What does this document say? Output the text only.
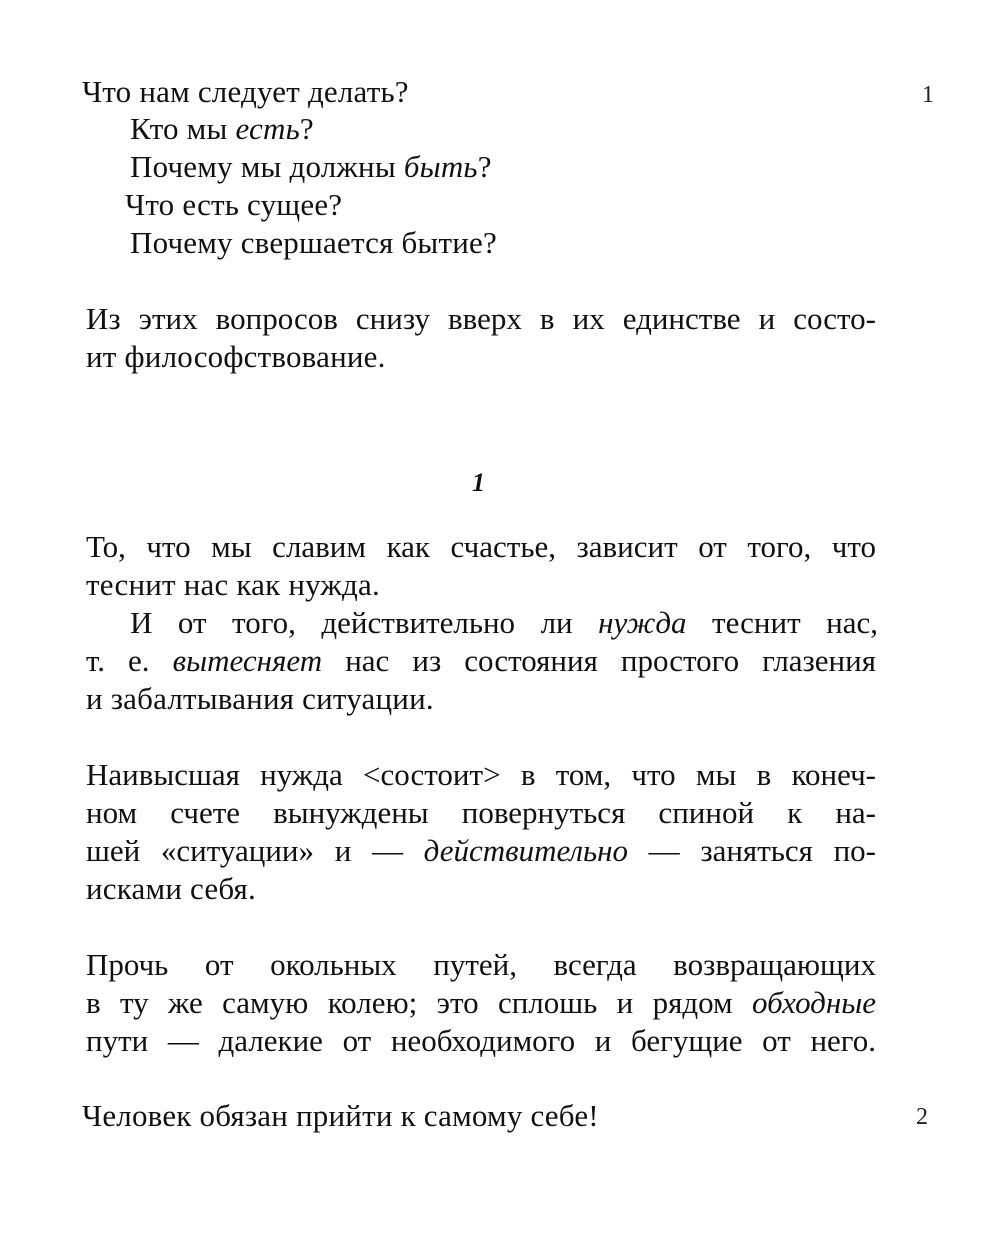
Что нам следует делать?	1
Кто мы есть?
Почему мы должны быть?
Что есть сущее?
Почему свершается бытие?
Из этих вопросов снизу вверх в их единстве и состо-
ит философствование.
1
То, что мы славим как счастье, зависит от того, что
теснит нас как нужда.
И от того, действительно ли нужда теснит нас,
т. е. вытесняет нас из состояния простого глазения
и забалтывания ситуации.
Наивысшая нужда <состоит> в том, что мы в конеч-
ном счете вынуждены повернуться спиной к на-
шей «ситуации» и — действительно — заняться по-
исками себя.
Прочь от окольных путей, всегда возвращающих
в ту же самую колею; это сплошь и рядом обходные
пути — далекие от необходимого и бегущие от него.
Человек обязан прийти к самому себе!	2
